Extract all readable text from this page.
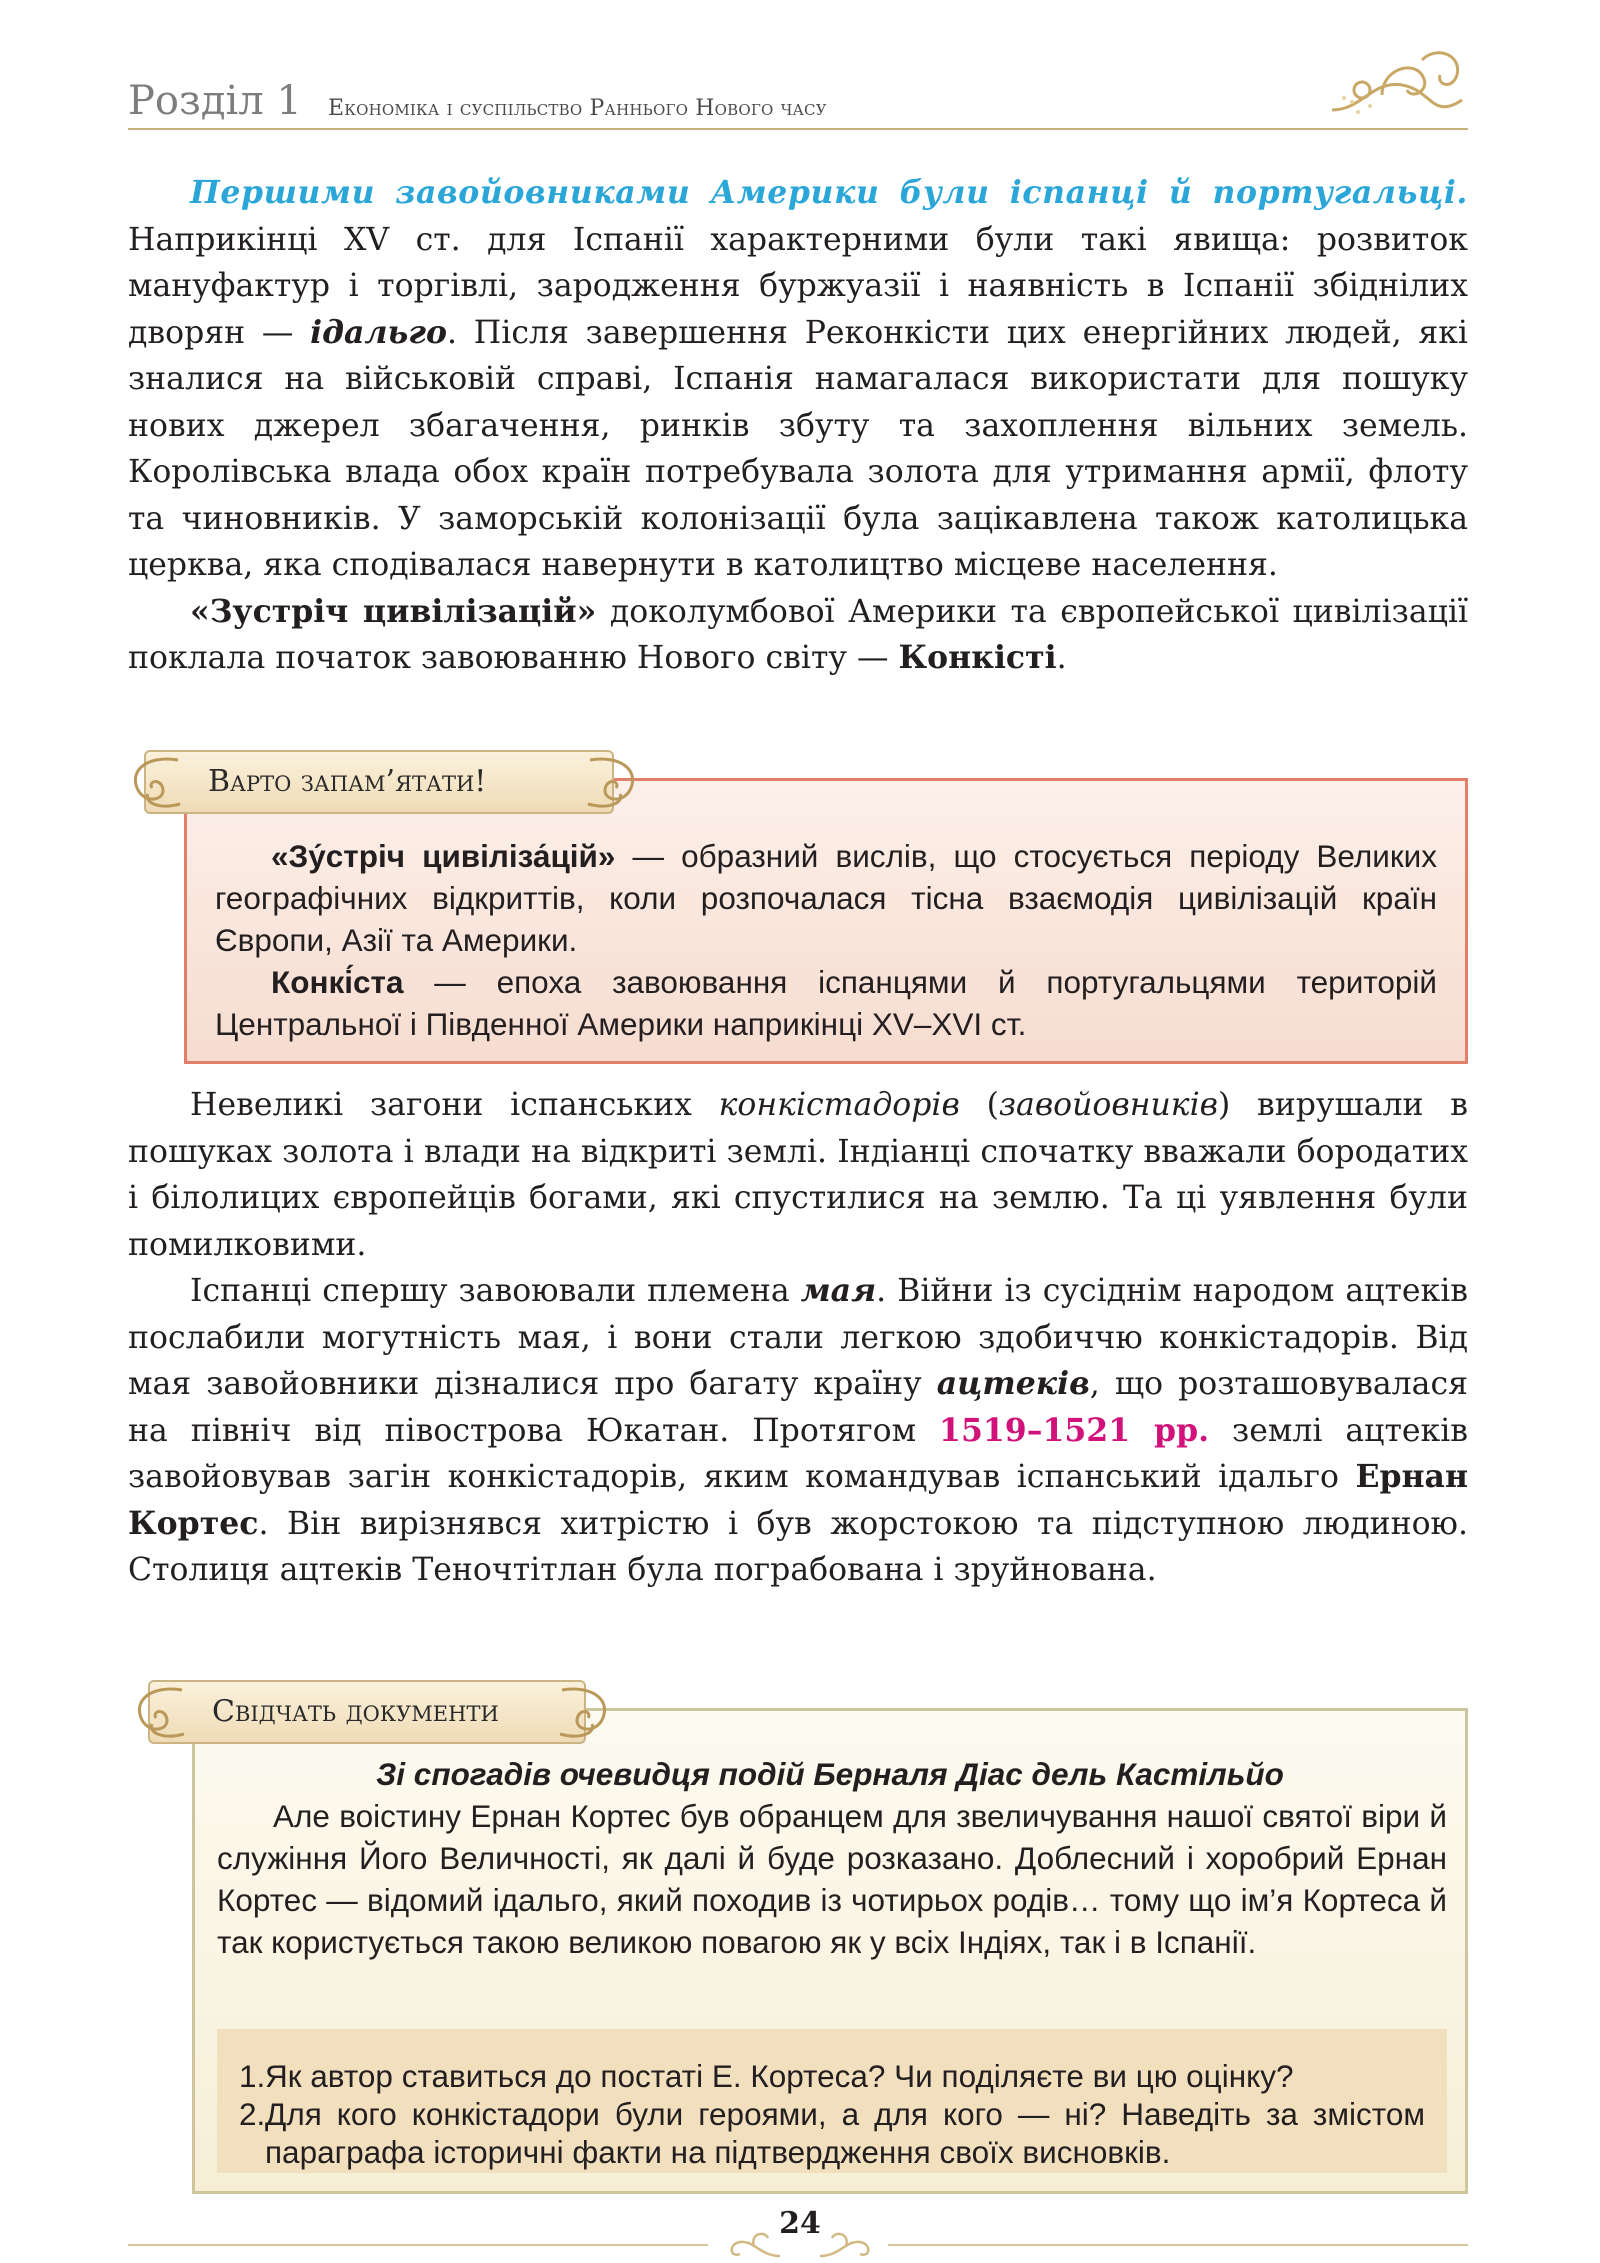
Розділ 1 Економіка і суспільство Раннього Нового часу

Першими завойовниками Америки були іспанці й португальці. Наприкінці XV ст. для Іспанії характерними були такі явища: розвиток мануфактур і торгівлі, зародження буржуазії і наявність в Іспанії збіднілих дворян — ідальго. Після завершення Реконкісти цих енергійних людей, які зналися на військовій справі, Іспанія намагалася використати для пошуку нових джерел збагачення, ринків збуту та захоплення вільних земель. Королівська влада обох країн потребувала золота для утримання армії, флоту та чиновників. У заморській колонізації була зацікавлена також католицька церква, яка сподівалася навернути в католицтво місцеве населення.

«Зустріч цивілізацій» доколумбової Америки та європейської цивілізації поклала початок завоюванню Нового світу — Конкісті.

«Зу́стріч цивіліза́цій» — образний вислів, що стосується періоду Великих географічних відкриттів, коли розпочалася тісна взаємодія цивілізацій країн Європи, Азії та Америки.

Конкі́ста — епоха завоювання іспанцями й португальцями територій Центральної і Південної Америки наприкінці XV–XVI ст.

Варто запам’ятати!

Невеликі загони іспанських конкістадорів (завойовників) вирушали в пошуках золота і влади на відкриті землі. Індіанці спочатку вважали бородатих і білолицих європейців богами, які спустилися на землю. Та ці уявлення були помилковими.

Іспанці спершу завоювали племена мая. Війни із сусіднім народом ацтеків послабили могутність мая, і вони стали легкою здобиччю конкістадорів. Від мая завойовники дізналися про багату країну ацтеків, що розташовувалася на північ від півострова Юкатан. Протягом 1519–1521 рр. землі ацтеків завойовував загін конкістадорів, яким командував іспанський ідальго Ернан Кортес. Він вирізнявся хитрістю і був жорстокою та підступною людиною. Столиця ацтеків Теночтітлан була пограбована і зруйнована.

Зі спогадів очевидця подій Берналя Діас дель Кастільйо

Але воістину Ернан Кортес був обранцем для звеличування нашої святої віри й служіння Його Величності, як далі й буде розказано. Доблесний і хоробрий Ернан Кортес — відомий ідальго, який походив із чотирьох родів… тому що ім’я Кортеса й так користується такою великою повагою як у всіх Індіях, так і в Іспанії.

1. Як автор ставиться до постаті Е. Кортеса? Чи поділяєте ви цю оцінку?
2. Для кого конкістадори були героями, а для кого — ні? Наведіть за змістом параграфа історичні факти на підтвердження своїх висновків.
Свідчать документи
24
